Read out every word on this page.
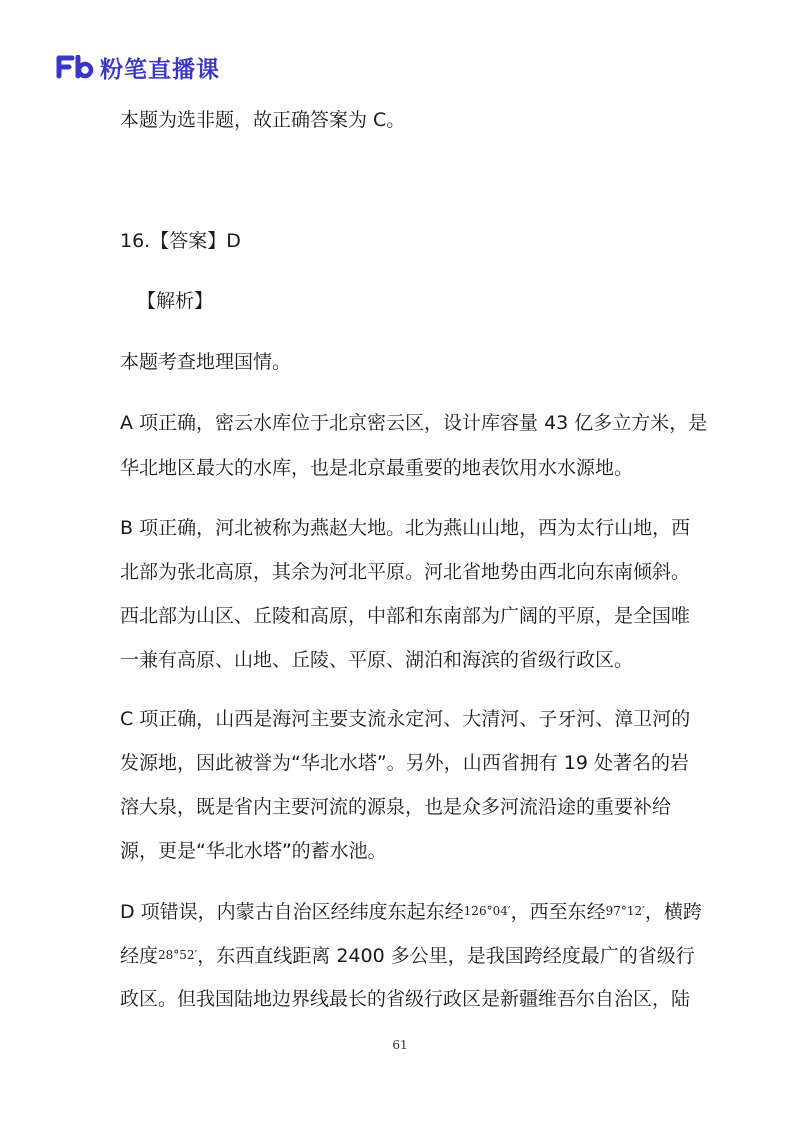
粉笔直播课
本题为选非题，故正确答案为 C。
16.【答案】D
【解析】
本题考查地理国情。
A 项正确，密云水库位于北京密云区，设计库容量 43 亿多立方米，是
华北地区最大的水库，也是北京最重要的地表饮用水水源地。
B 项正确，河北被称为燕赵大地。北为燕山山地，西为太行山地，西
北部为张北高原，其余为河北平原。河北省地势由西北向东南倾斜。
西北部为山区、丘陵和高原，中部和东南部为广阔的平原，是全国唯
一兼有高原、山地、丘陵、平原、湖泊和海滨的省级行政区。
C 项正确，山西是海河主要支流永定河、大清河、子牙河、漳卫河的
发源地，因此被誉为“华北水塔”。另外，山西省拥有 19 处著名的岩
溶大泉，既是省内主要河流的源泉，也是众多河流沿途的重要补给
源，更是“华北水塔”的蓄水池。
D 项错误，内蒙古自治区经纬度东起东经126°04′，西至东经97°12′，横跨
经度28°52′，东西直线距离 2400 多公里，是我国跨经度最广的省级行
政区。但我国陆地边界线最长的省级行政区是新疆维吾尔自治区，陆
61
